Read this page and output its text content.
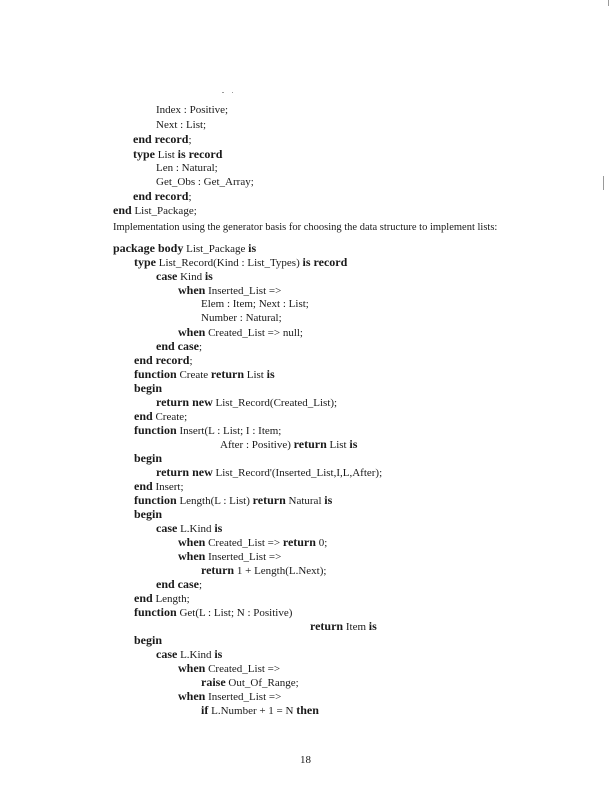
Index : Positive;
Next : List;
end record;
type List is record
Len : Natural;
Get_Obs : Get_Array;
end record;
end List_Package;
Implementation using the generator basis for choosing the data structure to implement lists:
package body List_Package is
type List_Record(Kind : List_Types) is record
case Kind is
when Inserted_List =>
Elem : Item; Next : List;
Number : Natural;
when Created_List => null;
end case;
end record;
function Create return List is
begin
return new List_Record(Created_List);
end Create;
function Insert(L : List; I : Item;
After : Positive) return List is
begin
return new List_Record'(Inserted_List,I,L,After);
end Insert;
function Length(L : List) return Natural is
begin
case L.Kind is
when Created_List => return 0;
when Inserted_List =>
return 1 + Length(L.Next);
end case;
end Length;
function Get(L : List; N : Positive)
return Item is
begin
case L.Kind is
when Created_List =>
raise Out_Of_Range;
when Inserted_List =>
if L.Number + 1 = N then
18
